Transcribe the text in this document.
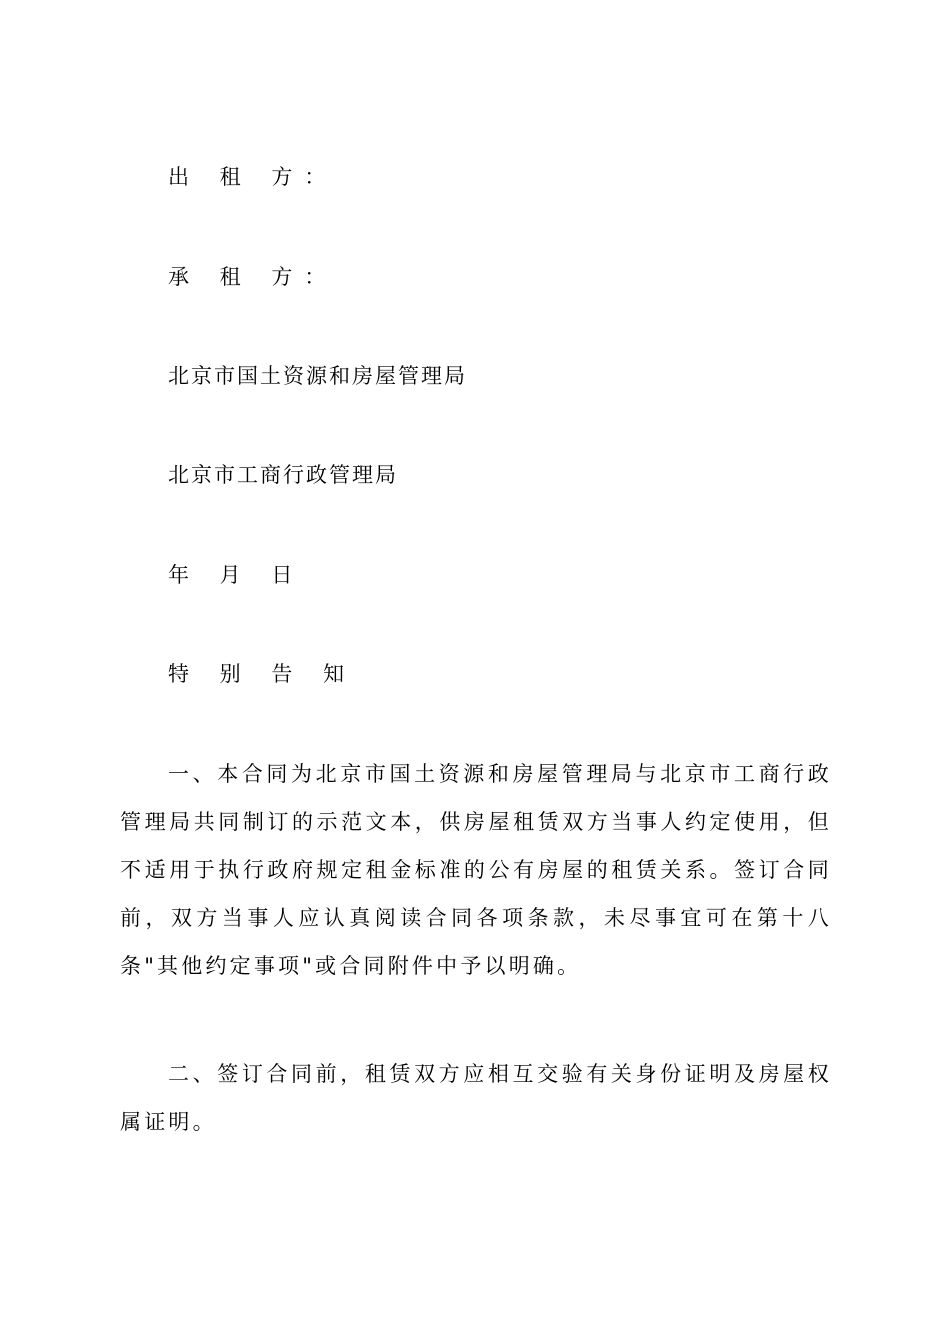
出 租 方：
承 租 方：
北京市国土资源和房屋管理局
北京市工商行政管理局
年 月 日
特 别 告 知
一、本合同为北京市国土资源和房屋管理局与北京市工商行政管理局共同制订的示范文本，供房屋租赁双方当事人约定使用，但不适用于执行政府规定租金标准的公有房屋的租赁关系。签订合同前，双方当事人应认真阅读合同各项条款，未尽事宜可在第十八条"其他约定事项"或合同附件中予以明确。
二、签订合同前，租赁双方应相互交验有关身份证明及房屋权属证明。
